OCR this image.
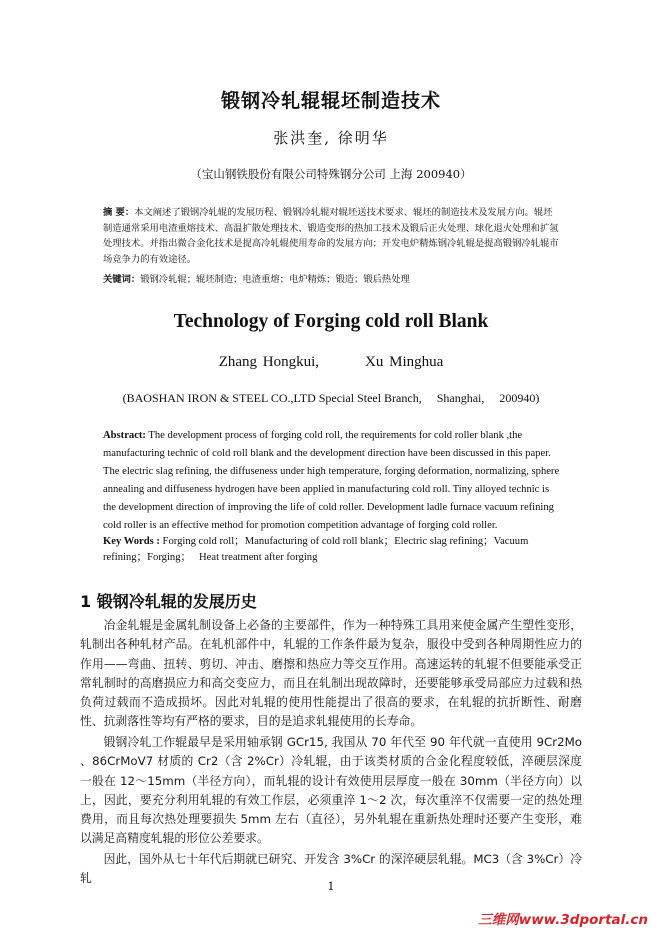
锻钢冷轧辊辊坯制造技术
张洪奎, 徐明华
（宝山钢铁股份有限公司特殊钢分公司 上海 200940）
摘 要：本文阐述了锻钢冷轧辊的发展历程、锻钢冷轧辊对辊坯送技术要求、辊坯的制造技术及发展方向。辊坯制造通常采用电渣重熔技术、高温扩散处理技术、锻造变形的热加工技术及锻后正火处理、球化退火处理和扩氢处理技术。并指出微合金化技术是提高冷轧辊使用寿命的发展方向；开发电炉精炼钢冷轧辊是提高锻钢冷轧辊市场竞争力的有效途径。
关键词：锻钢冷轧辊；辊坯制造；电渣重熔；电炉精炼；锻造；锻后热处理
Technology of Forging cold roll Blank
Zhang Hongkui,        Xu Minghua
(BAOSHAN IRON & STEEL CO.,LTD Special Steel Branch,     Shanghai,     200940)
Abstract: The development process of forging cold roll, the requirements for cold roller blank ,the manufacturing technic of cold roll blank and the development direction have been discussed in this paper. The electric slag refining, the diffuseness under high temperature, forging deformation, normalizing, sphere annealing and diffuseness hydrogen have been applied in manufacturing cold roll. Tiny alloyed technic is the development direction of improving the life of cold roller. Development ladle furnace vacuum refining cold roller is an effective method for promotion competition advantage of forging cold roller.
Key Words : Forging cold roll；Manufacturing of cold roll blank；Electric slag refining；Vacuum refining；Forging；   Heat treatment after forging
1 锻钢冷轧辊的发展历史
冶金轧辊是金属轧制设备上必备的主要部件，作为一种特殊工具用来使金属产生塑性变形，轧制出各种轧材产品。在轧机部件中，轧辊的工作条件最为复杂，服役中受到各种周期性应力的作用——弯曲、扭转、剪切、冲击、磨擦和热应力等交互作用。高速运转的轧辊不但要能承受正常轧制时的高磨损应力和高交变应力，而且在轧制出现故障时，还要能够承受局部应力过载和热负荷过载而不造成损坏。因此对轧辊的使用性能提出了很高的要求，在轧辊的抗折断性、耐磨性、抗剥落性等均有严格的要求，目的是追求轧辊使用的长寿命。
锻钢冷轧工作辊最早是采用轴承钢 GCr15, 我国从 70 年代至 90 年代就一直使用 9Cr2Mo 、86CrMoV7 材质的 Cr2（含 2%Cr）冷轧辊，由于该类材质的合金化程度较低，淬硬层深度一般在 12～15mm（半径方向），而轧辊的设计有效使用层厚度一般在 30mm（半径方向）以上，因此，要充分利用轧辊的有效工作层，必须重淬 1～2 次，每次重淬不仅需要一定的热处理费用，而且每次热处理要损失 5mm 左右（直径），另外轧辊在重新热处理时还要产生变形，难以满足高精度轧辊的形位公差要求。
因此，国外从七十年代后期就已研究、开发含 3%Cr 的深淬硬层轧辊。MC3（含 3%Cr）冷轧
1
三维网www.3dportal.cn
